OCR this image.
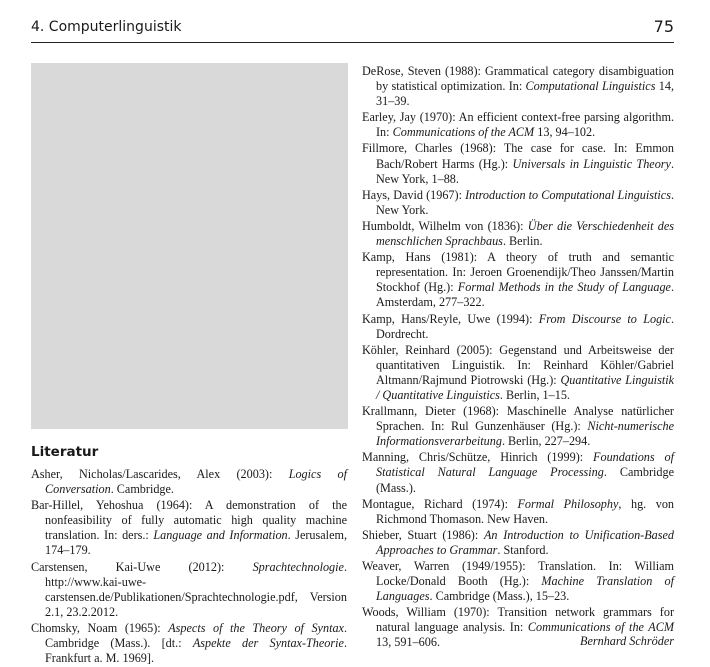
4. Computerlinguistik	75
Literatur

Asher, Nicholas/Lascarides, Alex (2003): Logics of Conversation. Cambridge.

Bar-Hillel, Yehoshua (1964): A demonstration of the nonfeasibility of fully automatic high quality machine translation. In: ders.: Language and Information. Jerusalem, 174–179.

Carstensen, Kai-Uwe (2012): Sprachtechnologie. http://www.kai-uwe-carstensen.de/Publikationen/Sprachtechnologie.pdf, Version 2.1, 23.2.2012.

Chomsky, Noam (1965): Aspects of the Theory of Syntax. Cambridge (Mass.). [dt.: Aspekte der Syntax-Theorie. Frankfurt a. M. 1969].

DeRose, Steven (1988): Grammatical category disambiguation by statistical optimization. In: Computational Linguistics 14, 31–39.

Earley, Jay (1970): An efficient context-free parsing algorithm. In: Communications of the ACM 13, 94–102.

Fillmore, Charles (1968): The case for case. In: Emmon Bach/Robert Harms (Hg.): Universals in Linguistic Theory. New York, 1–88.

Hays, David (1967): Introduction to Computational Linguistics. New York.

Humboldt, Wilhelm von (1836): Über die Verschiedenheit des menschlichen Sprachbaus. Berlin.

Kamp, Hans (1981): A theory of truth and semantic representation. In: Jeroen Groenendijk/Theo Janssen/Martin Stockhof (Hg.): Formal Methods in the Study of Language. Amsterdam, 277–322.

Kamp, Hans/Reyle, Uwe (1994): From Discourse to Logic. Dordrecht.

Köhler, Reinhard (2005): Gegenstand und Arbeitsweise der quantitativen Linguistik. In: Reinhard Köhler/Gabriel Altmann/Rajmund Piotrowski (Hg.): Quantitative Linguistik / Quantitative Linguistics. Berlin, 1–15.

Krallmann, Dieter (1968): Maschinelle Analyse natürlicher Sprachen. In: Rul Gunzenhäuser (Hg.): Nicht-numerische Informationsverarbeitung. Berlin, 227–294.

Manning, Chris/Schütze, Hinrich (1999): Foundations of Statistical Natural Language Processing. Cambridge (Mass.).

Montague, Richard (1974): Formal Philosophy, hg. von Richmond Thomason. New Haven.

Shieber, Stuart (1986): An Introduction to Unification-Based Approaches to Grammar. Stanford.

Weaver, Warren (1949/1955): Translation. In: William Locke/Donald Booth (Hg.): Machine Translation of Languages. Cambridge (Mass.), 15–23.

Woods, William (1970): Transition network grammars for natural language analysis. In: Communications of the ACM 13, 591–606.	Bernhard Schröder
